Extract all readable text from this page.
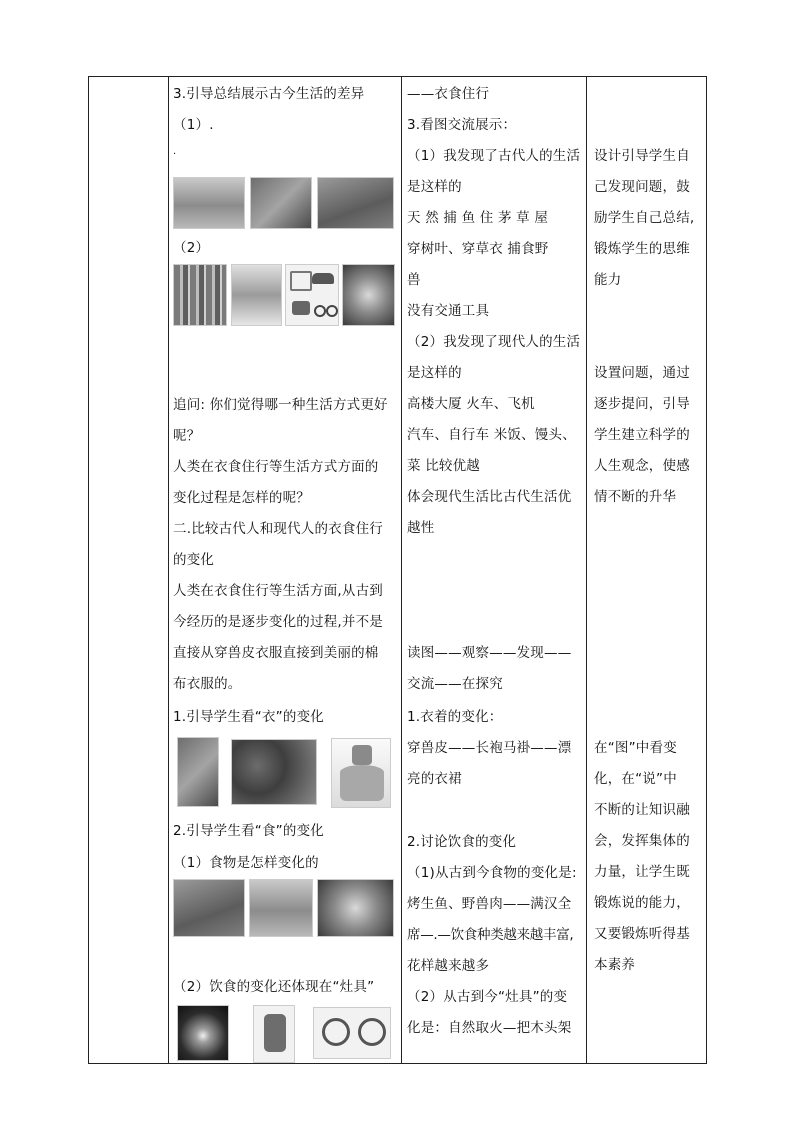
3.引导总结展示古今生活的差异
（1）.
.
（2）
追问: 你们觉得哪一种生活方式更好
呢？
人类在衣食住行等生活方式方面的
变化过程是怎样的呢？
二.比较古代人和现代人的衣食住行
的变化
人类在衣食住行等生活方面,从古到
今经历的是逐步变化的过程,并不是
直接从穿兽皮衣服直接到美丽的棉
布衣服的。
1.引导学生看“衣”的变化
2.引导学生看“食”的变化
（1）食物是怎样变化的
（2）饮食的变化还体现在“灶具”
——衣食住行
3.看图交流展示：
（1）我发现了古代人的生活
是这样的
天 然 捕 鱼 住 茅 草 屋
穿树叶、穿草衣 捕食野
兽
没有交通工具
（2）我发现了现代人的生活
是这样的
高楼大厦 火车、飞机
汽车、自行车 米饭、馒头、
菜 比较优越
体会现代生活比古代生活优
越性
读图——观察——发现——
交流——在探究
1.衣着的变化：
穿兽皮——长袍马褂——漂
亮的衣裙
2.讨论饮食的变化
（1)从古到今食物的变化是:
烤生鱼、野兽肉——满汉全
席—.—饮食种类越来越丰富,
花样越来越多
（2）从古到今“灶具”的变
化是：自然取火—把木头架
设计引导学生自
己发现问题，鼓
励学生自己总结,
锻炼学生的思维
能力
设置问题，通过
逐步提问，引导
学生建立科学的
人生观念，使感
情不断的升华
在“图”中看变
化，在“说”中
不断的让知识融
会，发挥集体的
力量，让学生既
锻炼说的能力，
又要锻炼听得基
本素养
